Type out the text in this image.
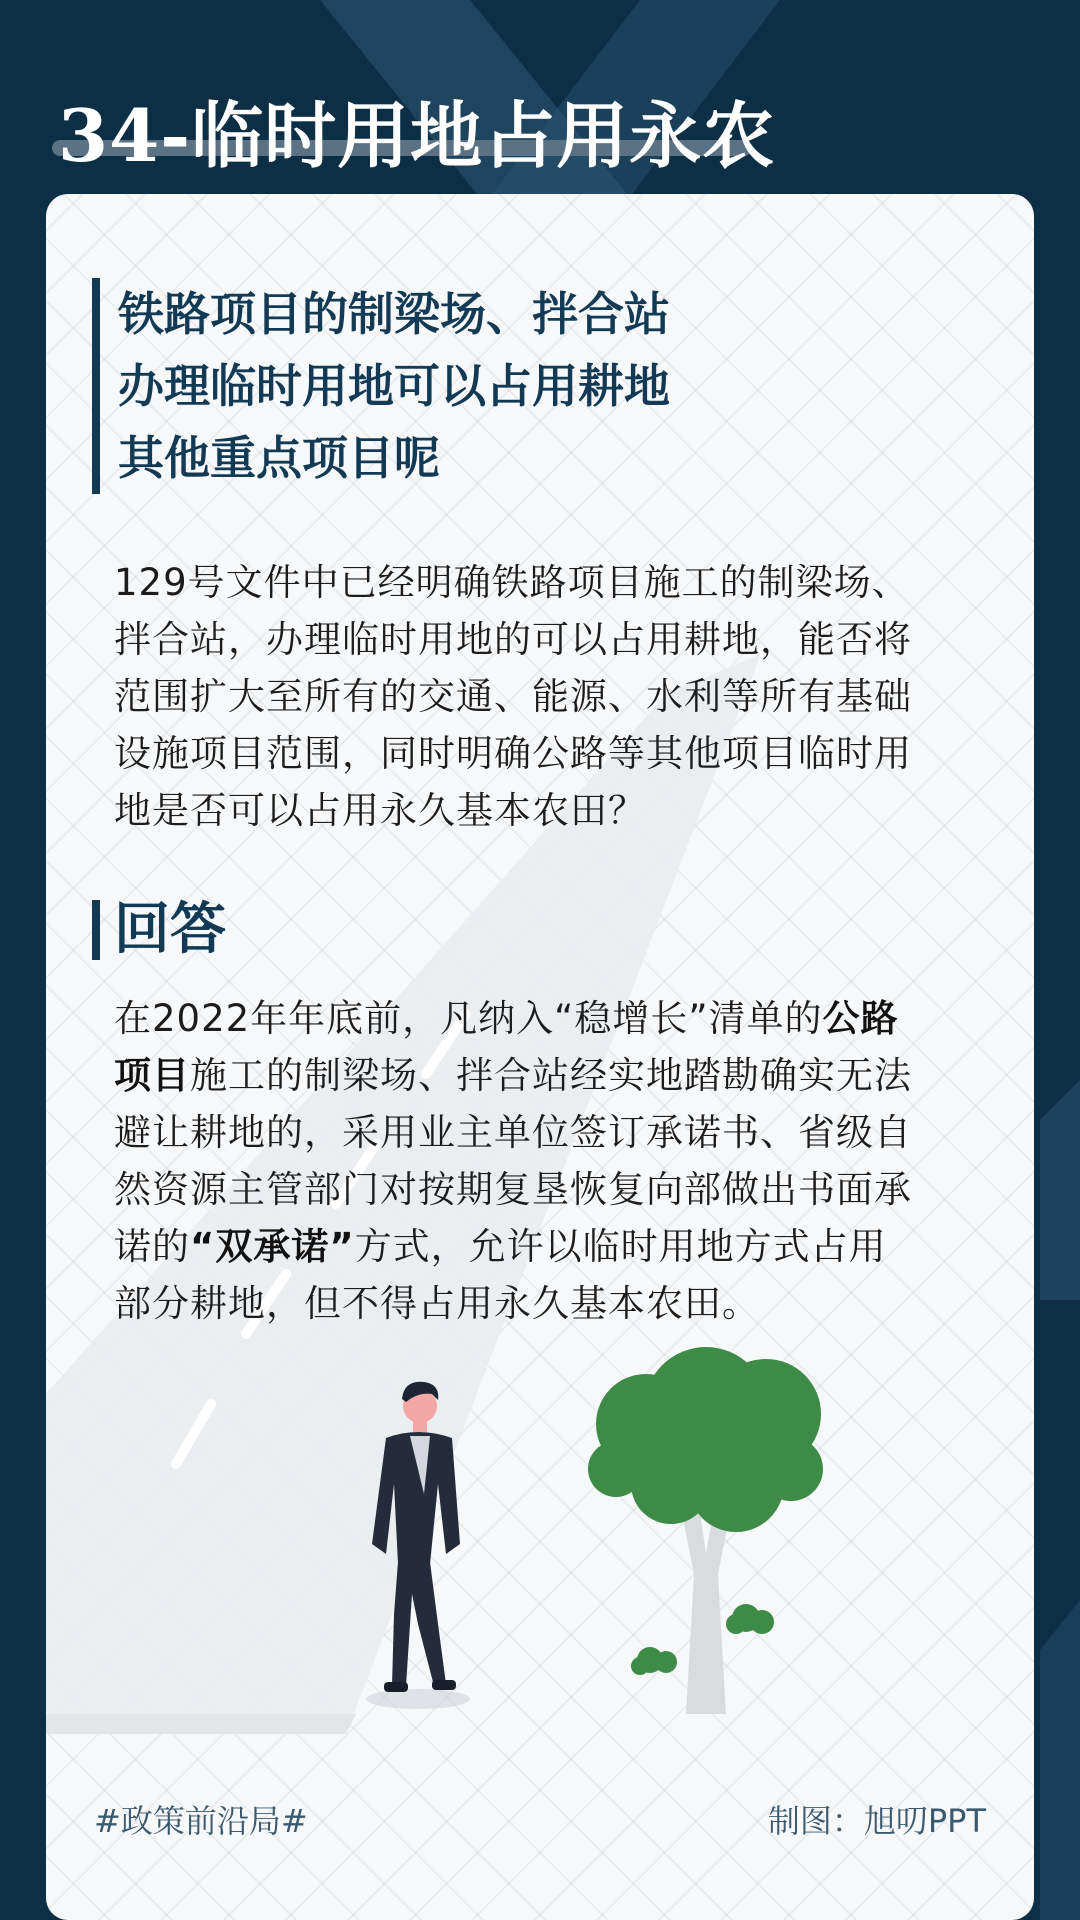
34-临时用地占用永农
铁路项目的制梁场、拌合站
办理临时用地可以占用耕地
其他重点项目呢
129号文件中已经明确铁路项目施工的制梁场、
拌合站，办理临时用地的可以占用耕地，能否将
范围扩大至所有的交通、能源、水利等所有基础
设施项目范围，同时明确公路等其他项目临时用
地是否可以占用永久基本农田？
回答
在2022年年底前，凡纳入“稳增长”清单的公路
项目施工的制梁场、拌合站经实地踏勘确实无法
避让耕地的，采用业主单位签订承诺书、省级自
然资源主管部门对按期复垦恢复向部做出书面承
诺的“双承诺”方式，允许以临时用地方式占用
部分耕地，但不得占用永久基本农田。
#政策前沿局#	制图：旭叨PPT
